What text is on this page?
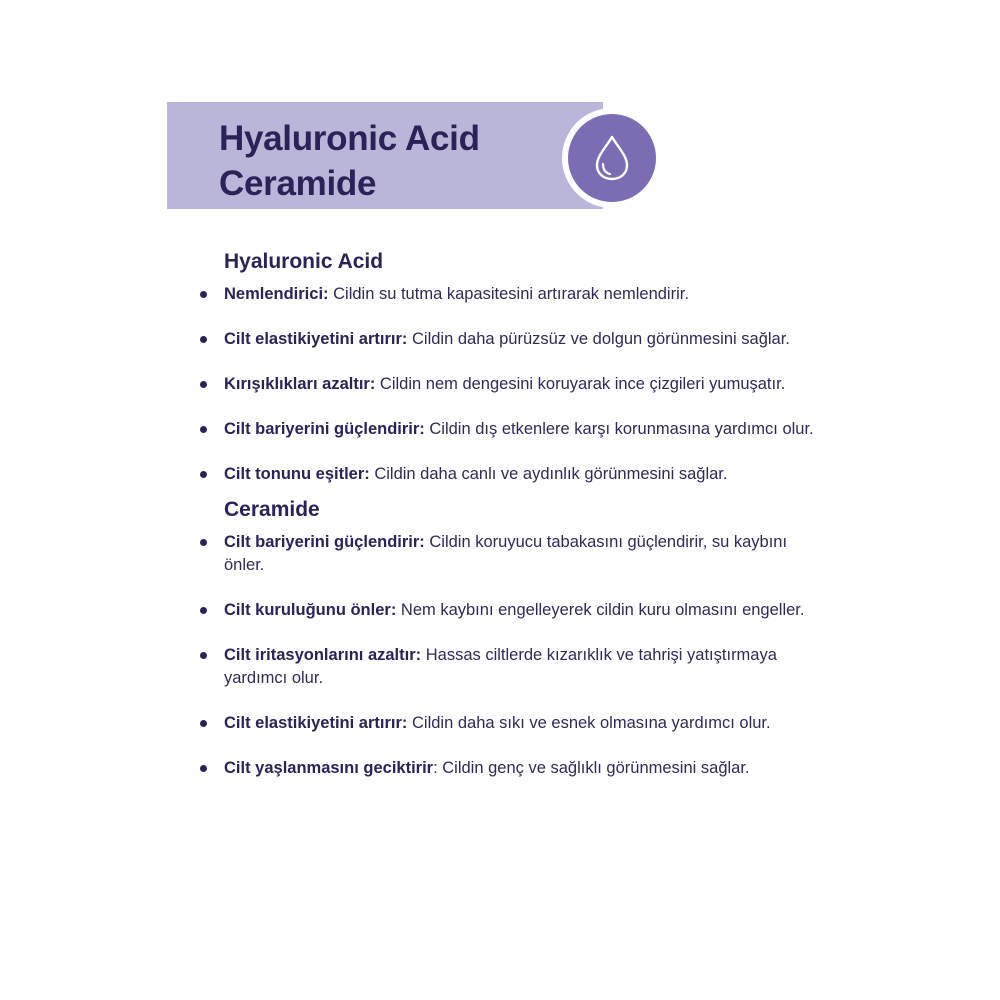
Hyaluronic Acid
Ceramide
Hyaluronic Acid
Nemlendirici: Cildin su tutma kapasitesini artırarak nemlendirir.
Cilt elastikiyetini artırır: Cildin daha pürüzsüz ve dolgun görünmesini sağlar.
Kırışıklıkları azaltır: Cildin nem dengesini koruyarak ince çizgileri yumuşatır.
Cilt bariyerini güçlendirir: Cildin dış etkenlere karşı korunmasına yardımcı olur.
Cilt tonunu eşitler: Cildin daha canlı ve aydınlık görünmesini sağlar.
Ceramide
Cilt bariyerini güçlendirir: Cildin koruyucu tabakasını güçlendirir, su kaybını önler.
Cilt kuruluğunu önler: Nem kaybını engelleyerek cildin kuru olmasını engeller.
Cilt iritasyonlarını azaltır: Hassas ciltlerde kızarıklık ve tahrişi yatıştırmaya yardımcı olur.
Cilt elastikiyetini artırır: Cildin daha sıkı ve esnek olmasına yardımcı olur.
Cilt yaşlanmasını geciktirir: Cildin genç ve sağlıklı görünmesini sağlar.
